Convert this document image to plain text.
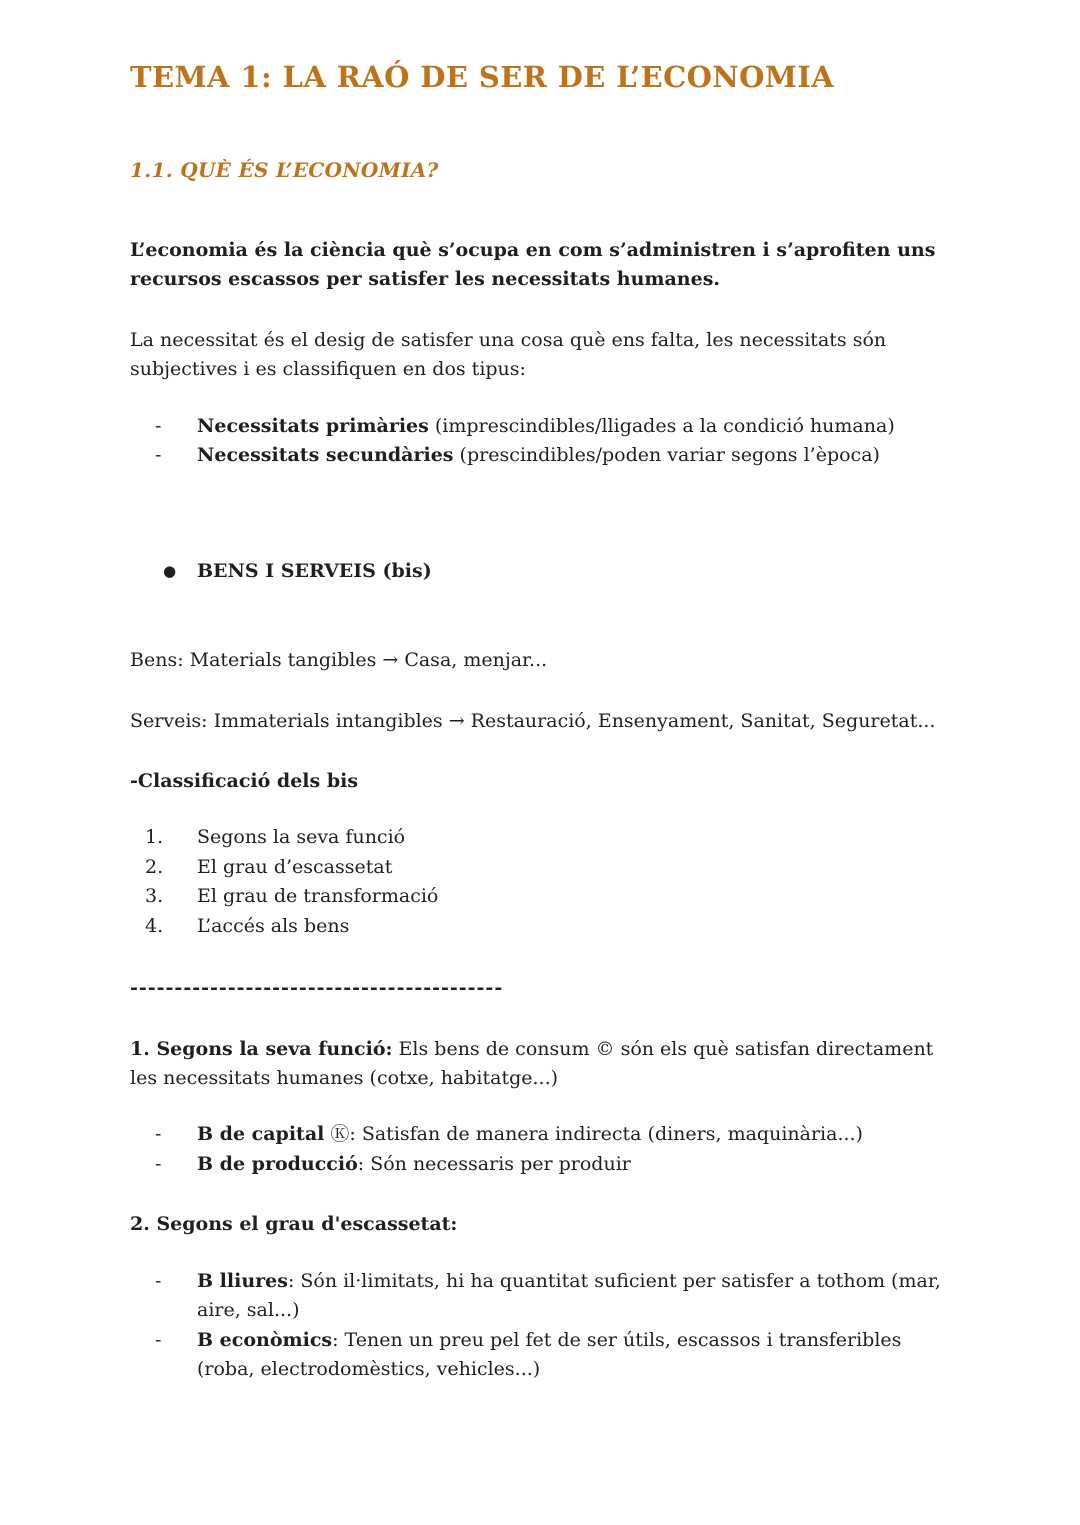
TEMA 1: LA RAÓ DE SER DE L’ECONOMIA
1.1. QUÈ ÉS L’ECONOMIA?

L’economia és la ciència què s’ocupa en com s’administren i s’aprofiten uns recursos escassos per satisfer les necessitats humanes.

La necessitat és el desig de satisfer una cosa què ens falta, les necessitats són subjectives i es classifiquen en dos tipus:

-	Necessitats primàries (imprescindibles/lligades a la condició humana)
-	Necessitats secundàries (prescindibles/poden variar segons l’època)
●	BENS I SERVEIS (bis)

Bens: Materials tangibles → Casa, menjar...

Serveis: Immaterials intangibles → Restauració, Ensenyament, Sanitat, Seguretat...

-Classificació dels bis

1.	Segons la seva funció
2.	El grau d’escassetat
3.	El grau de transformació
4.	L’accés als bens

------------------------------------------

1. Segons la seva funció: Els bens de consum © són els què satisfan directament les necessitats humanes (cotxe, habitatge...)

-	B de capital Ⓚ: Satisfan de manera indirecta (diners, maquinària...)
-	B de producció: Són necessaris per produir

2. Segons el grau d'escassetat:

-	B lliures: Són il·limitats, hi ha quantitat suficient per satisfer a tothom (mar, aire, sal...)
-	B econòmics: Tenen un preu pel fet de ser útils, escassos i transferibles (roba, electrodomèstics, vehicles...)
